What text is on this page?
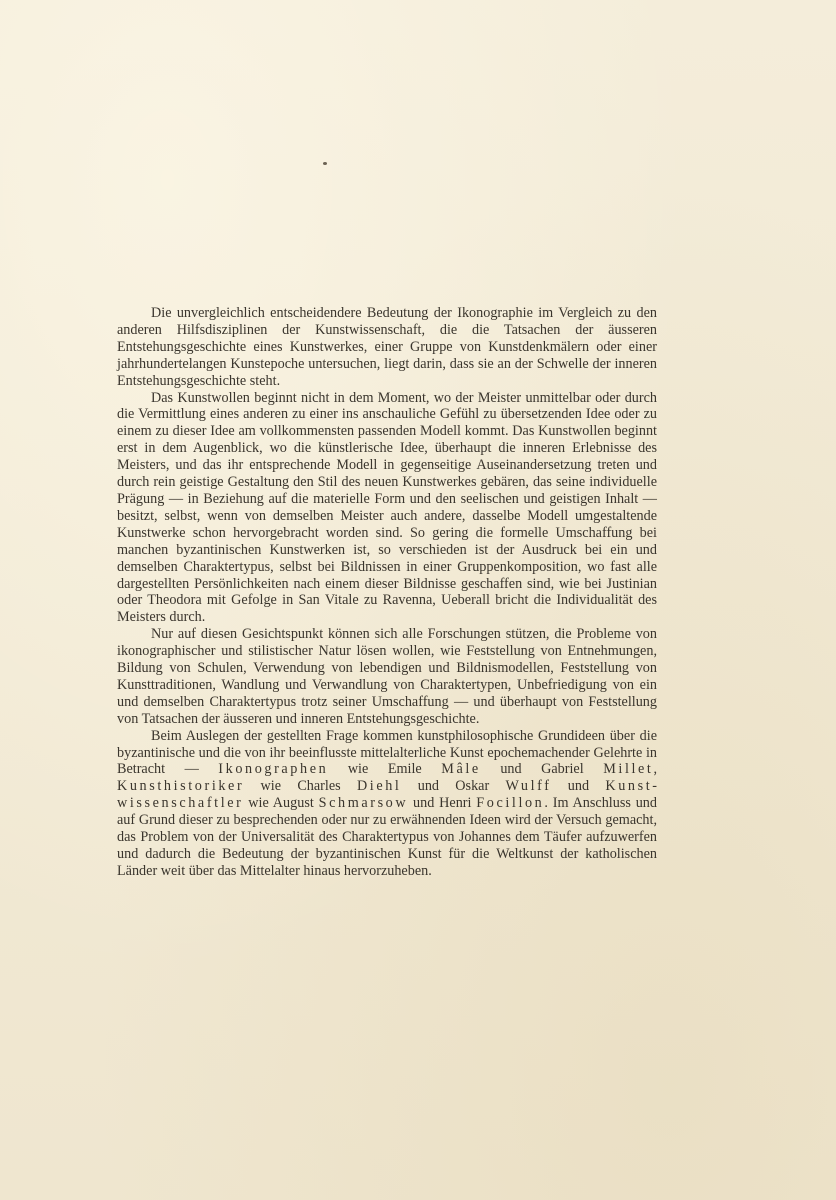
Die unvergleichlich entscheidendere Bedeutung der Ikonographie im Vergleich zu den anderen Hilfsdisziplinen der Kunstwissenschaft, die die Tatsachen der äusseren Entstehungsgeschichte eines Kunstwerkes, einer Gruppe von Kunstdenkmälern oder einer jahrhundertelangen Kunstepoche untersuchen, liegt darin, dass sie an der Schwelle der inneren Entstehungsgeschichte steht.

Das Kunstwollen beginnt nicht in dem Moment, wo der Meister unmittelbar oder durch die Vermittlung eines anderen zu einer ins anschauliche Gefühl zu übersetzenden Idee oder zu einem zu dieser Idee am vollkommensten passenden Modell kommt. Das Kunstwollen beginnt erst in dem Augenblick, wo die künstlerische Idee, überhaupt die inneren Erlebnisse des Meisters, und das ihr entsprechende Modell in gegenseitige Auseinandersetzung treten und durch rein geistige Gestaltung den Stil des neuen Kunstwerkes gebären, das seine individuelle Prägung — in Beziehung auf die materielle Form und den seelischen und geistigen Inhalt — besitzt, selbst, wenn von demselben Meister auch andere, dasselbe Modell umgestaltende Kunstwerke schon hervorgebracht worden sind. So gering die formelle Umschaffung bei manchen byzantinischen Kunstwerken ist, so verschieden ist der Ausdruck bei ein und demselben Charaktertypus, selbst bei Bildnissen in einer Gruppenkomposition, wo fast alle dargestellten Persönlichkeiten nach einem dieser Bildnisse geschaffen sind, wie bei Justinian oder Theodora mit Gefolge in San Vitale zu Ravenna, Ueberall bricht die Individualität des Meisters durch.

Nur auf diesen Gesichtspunkt können sich alle Forschungen stützen, die Probleme von ikonographischer und stilistischer Natur lösen wollen, wie Feststellung von Entnehmungen, Bildung von Schulen, Verwendung von lebendigen und Bildnismodellen, Feststellung von Kunsttraditionen, Wandlung und Verwandlung von Charaktertypen, Unbefriedigung von ein und demselben Charaktertypus trotz seiner Umschaffung — und überhaupt von Feststellung von Tatsachen der äusseren und inneren Entstehungsgeschichte.

Beim Auslegen der gestellten Frage kommen kunstphilosophische Grundideen über die byzantinische und die von ihr beeinflusste mittelalterliche Kunst epochemachender Gelehrte in Betracht — Ikonographen wie Emile Mâle und Gabriel Millet, Kunsthistoriker wie Charles Diehl und Oskar Wulff und Kunstwissenschaftler wie August Schmarsow und Henri Focillon. Im Anschluss und auf Grund dieser zu besprechenden oder nur zu erwähnenden Ideen wird der Versuch gemacht, das Problem von der Universalität des Charaktertypus von Johannes dem Täufer aufzuwerfen und dadurch die Bedeutung der byzantinischen Kunst für die Weltkunst der katholischen Länder weit über das Mittelalter hinaus hervorzuheben.
